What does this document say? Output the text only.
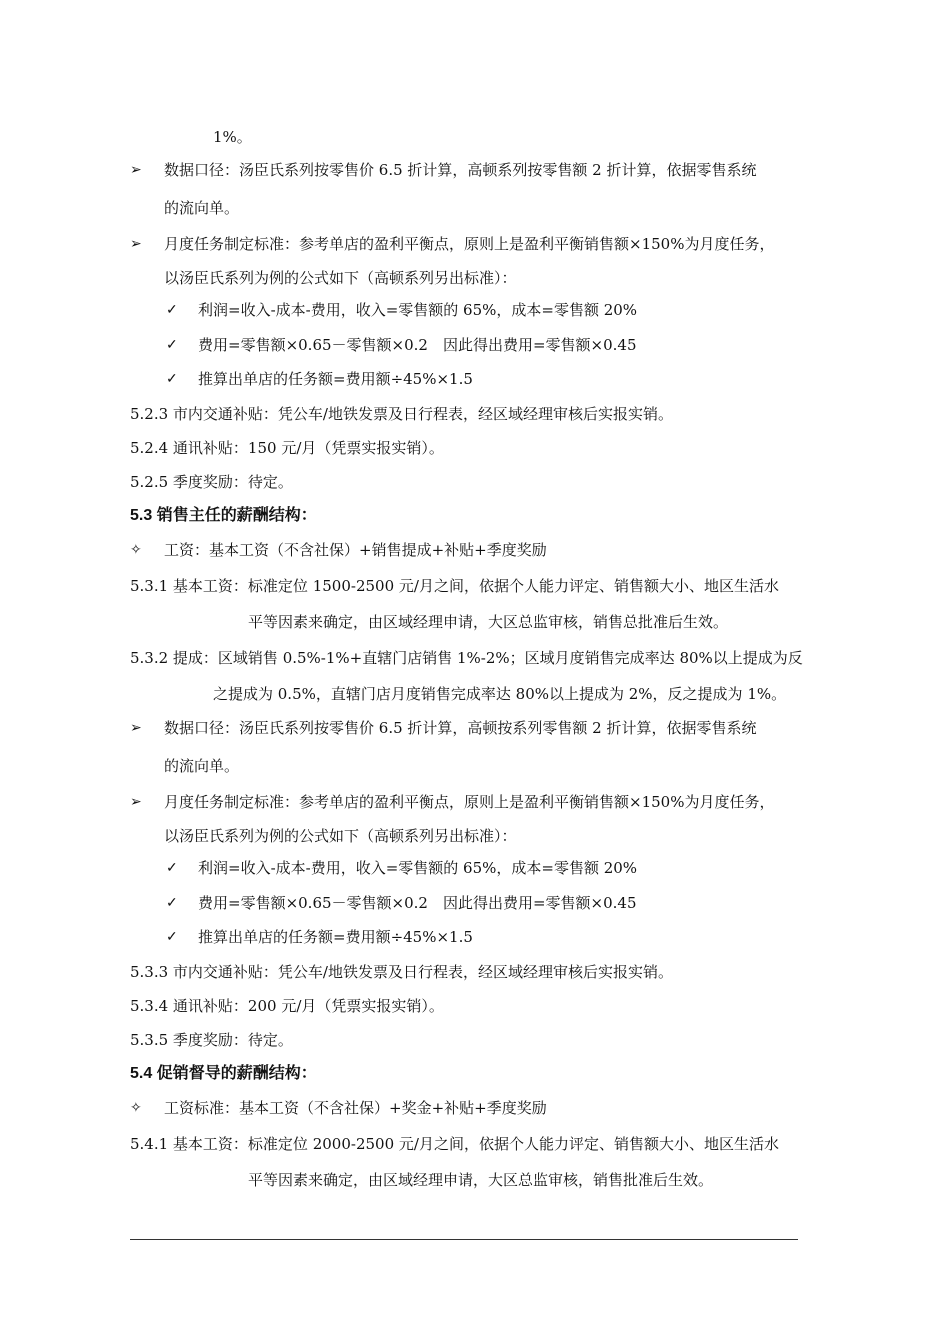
1%。
➢ 数据口径：汤臣氏系列按零售价 6.5 折计算，高顿系列按零售额 2 折计算，依据零售系统
的流向单。
➢ 月度任务制定标准：参考单店的盈利平衡点，原则上是盈利平衡销售额×150%为月度任务，
以汤臣氏系列为例的公式如下（高顿系列另出标准）：
✓ 利润=收入-成本-费用，收入=零售额的 65%，成本=零售额 20%
✓ 费用=零售额×0.65－零售额×0.2　因此得出费用=零售额×0.45
✓ 推算出单店的任务额=费用额÷45%×1.5
5.2.3 市内交通补贴：凭公车/地铁发票及日行程表，经区域经理审核后实报实销。
5.2.4 通讯补贴：150 元/月（凭票实报实销）。
5.2.5 季度奖励：待定。
5.3 销售主任的薪酬结构：
✧ 工资：基本工资（不含社保）+销售提成+补贴+季度奖励
5.3.1 基本工资：标准定位 1500-2500 元/月之间，依据个人能力评定、销售额大小、地区生活水
平等因素来确定，由区域经理申请，大区总监审核，销售总批准后生效。
5.3.2 提成：区域销售 0.5%-1%+直辖门店销售 1%-2%；区域月度销售完成率达 80%以上提成为反
之提成为 0.5%，直辖门店月度销售完成率达 80%以上提成为 2%，反之提成为 1%。
➢ 数据口径：汤臣氏系列按零售价 6.5 折计算，高顿按系列零售额 2 折计算，依据零售系统
的流向单。
➢ 月度任务制定标准：参考单店的盈利平衡点，原则上是盈利平衡销售额×150%为月度任务，
以汤臣氏系列为例的公式如下（高顿系列另出标准）：
✓ 利润=收入-成本-费用，收入=零售额的 65%，成本=零售额 20%
✓ 费用=零售额×0.65－零售额×0.2　因此得出费用=零售额×0.45
✓ 推算出单店的任务额=费用额÷45%×1.5
5.3.3 市内交通补贴：凭公车/地铁发票及日行程表，经区域经理审核后实报实销。
5.3.4 通讯补贴：200 元/月（凭票实报实销）。
5.3.5 季度奖励：待定。
5.4 促销督导的薪酬结构：
✧ 工资标准：基本工资（不含社保）+奖金+补贴+季度奖励
5.4.1 基本工资：标准定位 2000-2500 元/月之间，依据个人能力评定、销售额大小、地区生活水
平等因素来确定，由区域经理申请，大区总监审核，销售批准后生效。
